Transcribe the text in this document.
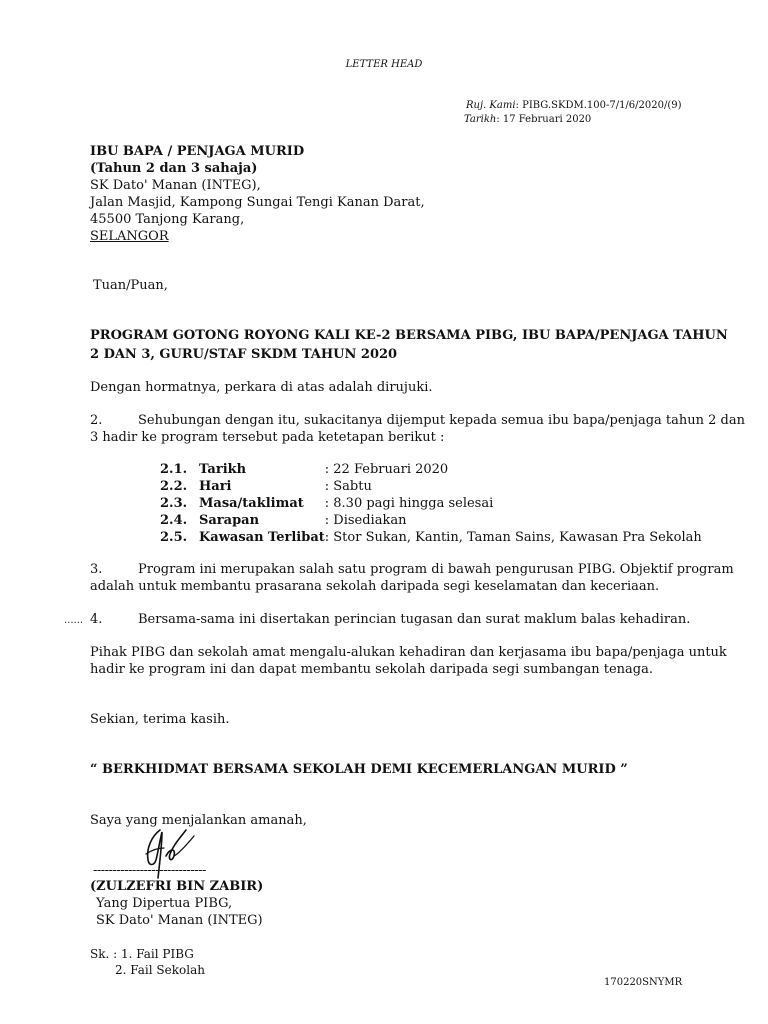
LETTER HEAD
Ruj. Kami: PIBG.SKDM.100-7/1/6/2020/(9)
Tarikh: 17 Februari 2020
IBU BAPA / PENJAGA MURID
(Tahun 2 dan 3 sahaja)
SK Dato' Manan (INTEG),
Jalan Masjid, Kampong Sungai Tengi Kanan Darat,
45500 Tanjong Karang,
SELANGOR
Tuan/Puan,
PROGRAM GOTONG ROYONG KALI KE-2 BERSAMA PIBG, IBU BAPA/PENJAGA TAHUN
2 DAN 3, GURU/STAF SKDM TAHUN 2020
Dengan hormatnya, perkara di atas adalah dirujuki.
2.	Sehubungan dengan itu, sukacitanya dijemput kepada semua ibu bapa/penjaga tahun 2 dan
3 hadir ke program tersebut pada ketetapan berikut :
2.1.	Tarikh	: 22 Februari 2020
2.2.	Hari	: Sabtu
2.3.	Masa/taklimat	: 8.30 pagi hingga selesai
2.4.	Sarapan	: Disediakan
2.5.	Kawasan Terlibat	: Stor Sukan, Kantin, Taman Sains, Kawasan Pra Sekolah
3.	Program ini merupakan salah satu program di bawah pengurusan PIBG. Objektif program
adalah untuk membantu prasarana sekolah daripada segi keselamatan dan keceriaan.
...... 4.	Bersama-sama ini disertakan perincian tugasan dan surat maklum balas kehadiran.
Pihak PIBG dan sekolah amat mengalu-alukan kehadiran dan kerjasama ibu bapa/penjaga untuk
hadir ke program ini dan dapat membantu sekolah daripada segi sumbangan tenaga.
Sekian, terima kasih.
“ BERKHIDMAT BERSAMA SEKOLAH DEMI KECEMERLANGAN MURID ”
Saya yang menjalankan amanah,
-----------------------------
(ZULZEFRI BIN ZABIR)
Yang Dipertua PIBG,
SK Dato' Manan (INTEG)
Sk. : 1. Fail PIBG
2. Fail Sekolah
170220SNYMR
